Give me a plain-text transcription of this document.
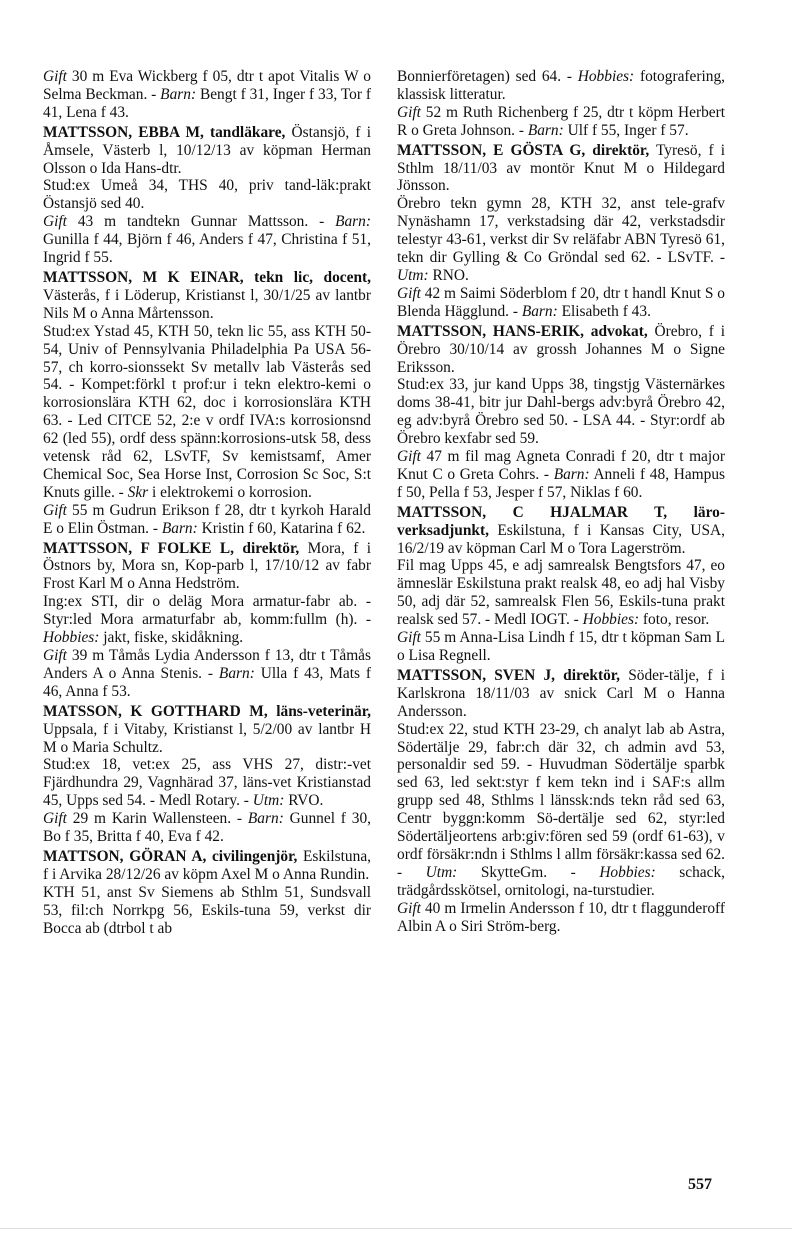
Gift 30 m Eva Wickberg f 05, dtr t apot Vitalis W o Selma Beckman. - Barn: Bengt f 31, Inger f 33, Tor f 41, Lena f 43.

MATTSSON, EBBA M, tandläkare, Östansjö, f i Åmsele, Västerb l, 10/12/13 av köpman Herman Olsson o Ida Hans-dtr.

Stud:ex Umeå 34, THS 40, priv tand-läk:prakt Östansjö sed 40.

Gift 43 m tandtekn Gunnar Mattsson. - Barn: Gunilla f 44, Björn f 46, Anders f 47, Christina f 51, Ingrid f 55.

MATTSSON, M K EINAR, tekn lic, docent, Västerås, f i Löderup, Kristianst l, 30/1/25 av lantbr Nils M o Anna Mårtensson.

Stud:ex Ystad 45, KTH 50, tekn lic 55, ass KTH 50-54, Univ of Pennsylvania Philadelphia Pa USA 56-57, ch korro-sionssekt Sv metallv lab Västerås sed 54. - Kompet:förkl t prof:ur i tekn elektro-kemi o korrosionslära KTH 62, doc i korrosionslära KTH 63. - Led CITCE 52, 2:e v ordf IVA:s korrosionsnd 62 (led 55), ordf dess spänn:korrosions-utsk 58, dess vetensk råd 62, LSvTF, Sv kemistsamf, Amer Chemical Soc, Sea Horse Inst, Corrosion Sc Soc, S:t Knuts gille. - Skr i elektrokemi o korrosion.

Gift 55 m Gudrun Erikson f 28, dtr t kyrkoh Harald E o Elin Östman. - Barn: Kristin f 60, Katarina f 62.

MATTSSON, F FOLKE L, direktör, Mora, f i Östnors by, Mora sn, Kop-parb l, 17/10/12 av fabr Frost Karl M o Anna Hedström.

Ing:ex STI, dir o deläg Mora armatur-fabr ab. - Styr:led Mora armaturfabr ab, komm:fullm (h). - Hobbies: jakt, fiske, skidåkning.

Gift 39 m Tåmås Lydia Andersson f 13, dtr t Tåmås Anders A o Anna Stenis. - Barn: Ulla f 43, Mats f 46, Anna f 53.

MATSSON, K GOTTHARD M, läns-veterinär, Uppsala, f i Vitaby, Kristianst l, 5/2/00 av lantbr H M o Maria Schultz.

Stud:ex 18, vet:ex 25, ass VHS 27, distr:-vet Fjärdhundra 29, Vagnhärad 37, läns-vet Kristianstad 45, Upps sed 54. - Medl Rotary. - Utm: RVO.

Gift 29 m Karin Wallensteen. - Barn: Gunnel f 30, Bo f 35, Britta f 40, Eva f 42.

MATTSON, GÖRAN A, civilingenjör, Eskilstuna, f i Arvika 28/12/26 av köpm Axel M o Anna Rundin.

KTH 51, anst Sv Siemens ab Sthlm 51, Sundsvall 53, fil:ch Norrkpg 56, Eskils-tuna 59, verkst dir Bocca ab (dtrbol t ab

Bonnierföretagen) sed 64. - Hobbies: fotografering, klassisk litteratur.

Gift 52 m Ruth Richenberg f 25, dtr t köpm Herbert R o Greta Johnson. - Barn: Ulf f 55, Inger f 57.

MATTSSON, E GÖSTA G, direktör, Tyresö, f i Sthlm 18/11/03 av montör Knut M o Hildegard Jönsson.

Örebro tekn gymn 28, KTH 32, anst tele-grafv Nynäshamn 17, verkstadsing där 42, verkstadsdir telestyr 43-61, verkst dir Sv reläfabr ABN Tyresö 61, tekn dir Gylling & Co Gröndal sed 62. - LSvTF. - Utm: RNO.

Gift 42 m Saimi Söderblom f 20, dtr t handl Knut S o Blenda Hägglund. - Barn: Elisabeth f 43.

MATTSSON, HANS-ERIK, advokat, Örebro, f i Örebro 30/10/14 av grossh Johannes M o Signe Eriksson.

Stud:ex 33, jur kand Upps 38, tingstjg Västernärkes doms 38-41, bitr jur Dahl-bergs adv:byrå Örebro 42, eg adv:byrå Örebro sed 50. - LSA 44. - Styr:ordf ab Örebro kexfabr sed 59.

Gift 47 m fil mag Agneta Conradi f 20, dtr t major Knut C o Greta Cohrs. - Barn: Anneli f 48, Hampus f 50, Pella f 53, Jesper f 57, Niklas f 60.

MATTSSON, C HJALMAR T, läro-verksadjunkt, Eskilstuna, f i Kansas City, USA, 16/2/19 av köpman Carl M o Tora Lagerström.

Fil mag Upps 45, e adj samrealsk Bengtsfors 47, eo ämneslär Eskilstuna prakt realsk 48, eo adj hal Visby 50, adj där 52, samrealsk Flen 56, Eskils-tuna prakt realsk sed 57. - Medl IOGT. - Hobbies: foto, resor.

Gift 55 m Anna-Lisa Lindh f 15, dtr t köpman Sam L o Lisa Regnell.

MATTSSON, SVEN J, direktör, Söder-tälje, f i Karlskrona 18/11/03 av snick Carl M o Hanna Andersson.

Stud:ex 22, stud KTH 23-29, ch analyt lab ab Astra, Södertälje 29, fabr:ch där 32, ch admin avd 53, personaldir sed 59. - Huvudman Södertälje sparbk sed 63, led sekt:styr f kem tekn ind i SAF:s allm grupp sed 48, Sthlms l länssk:nds tekn råd sed 63, Centr byggn:komm Sö-dertälje sed 62, styr:led Södertäljeortens arb:giv:fören sed 59 (ordf 61-63), v ordf försäkr:ndn i Sthlms l allm försäkr:kassa sed 62. - Utm: SkytteGm. - Hobbies: schack, trädgårdsskötsel, ornitologi, na-turstudier.

Gift 40 m Irmelin Andersson f 10, dtr t flaggunderoff Albin A o Siri Ström-berg.

557
